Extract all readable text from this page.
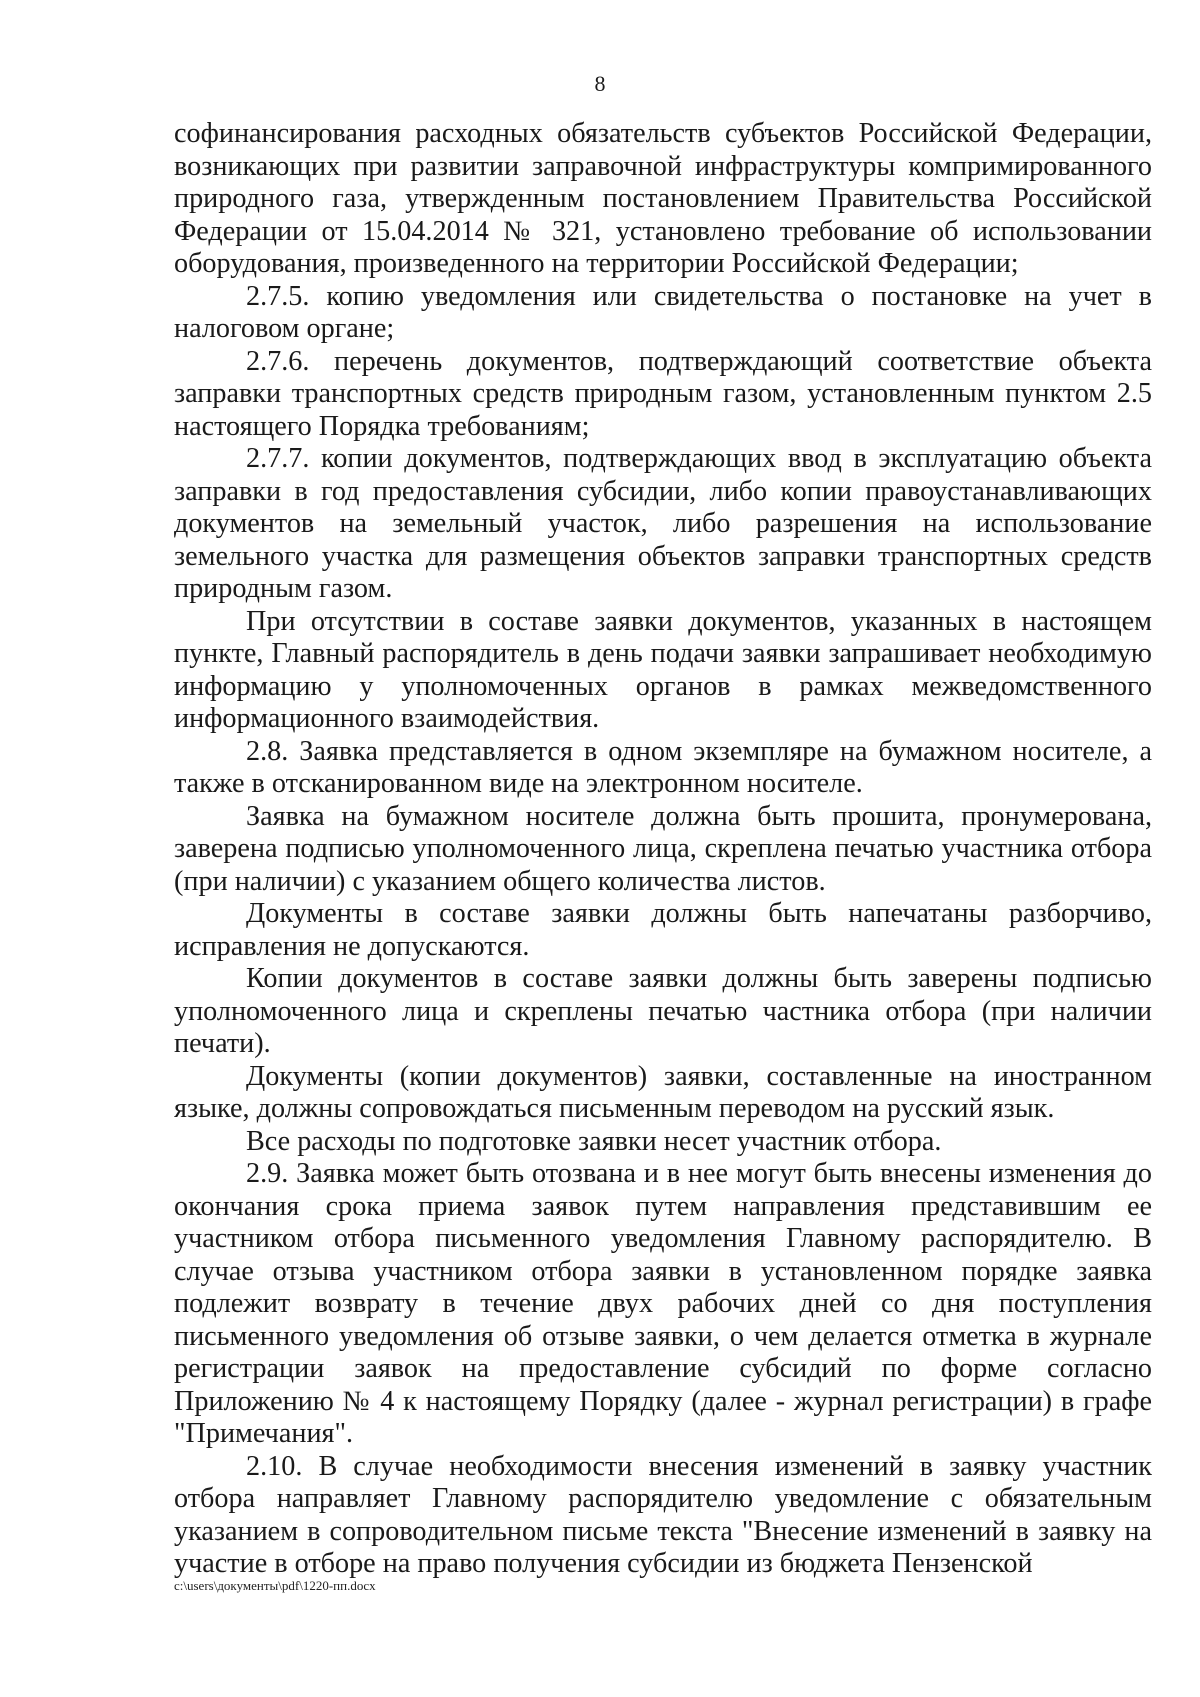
8

софинансирования расходных обязательств субъектов Российской Федерации, возникающих при развитии заправочной инфраструктуры компримированного природного газа, утвержденным постановлением Правительства Российской Федерации от 15.04.2014 № 321, установлено требование об использовании оборудования, произведенного на территории Российской Федерации;

2.7.5. копию уведомления или свидетельства о постановке на учет в налоговом органе;

2.7.6. перечень документов, подтверждающий соответствие объекта заправки транспортных средств природным газом, установленным пунктом 2.5 настоящего Порядка требованиям;

2.7.7. копии документов, подтверждающих ввод в эксплуатацию объекта заправки в год предоставления субсидии, либо копии правоустанавливающих документов на земельный участок, либо разрешения на использование земельного участка для размещения объектов заправки транспортных средств природным газом.

При отсутствии в составе заявки документов, указанных в настоящем пункте, Главный распорядитель в день подачи заявки запрашивает необходимую информацию у уполномоченных органов в рамках межведомственного информационного взаимодействия.

2.8. Заявка представляется в одном экземпляре на бумажном носителе, а также в отсканированном виде на электронном носителе.

Заявка на бумажном носителе должна быть прошита, пронумерована, заверена подписью уполномоченного лица, скреплена печатью участника отбора (при наличии) с указанием общего количества листов.

Документы в составе заявки должны быть напечатаны разборчиво, исправления не допускаются.

Копии документов в составе заявки должны быть заверены подписью уполномоченного лица и скреплены печатью частника отбора (при наличии печати).

Документы (копии документов) заявки, составленные на иностранном языке, должны сопровождаться письменным переводом на русский язык.

Все расходы по подготовке заявки несет участник отбора.

2.9. Заявка может быть отозвана и в нее могут быть внесены изменения до окончания срока приема заявок путем направления представившим ее участником отбора письменного уведомления Главному распорядителю. В случае отзыва участником отбора заявки в установленном порядке заявка подлежит возврату в течение двух рабочих дней со дня поступления письменного уведомления об отзыве заявки, о чем делается отметка в журнале регистрации заявок на предоставление субсидий по форме согласно Приложению № 4 к настоящему Порядку (далее - журнал регистрации) в графе "Примечания".

2.10. В случае необходимости внесения изменений в заявку участник отбора направляет Главному распорядителю уведомление с обязательным указанием в сопроводительном письме текста "Внесение изменений в заявку на участие в отборе на право получения субсидии из бюджета Пензенской

c:\users\документы\pdf\1220-пп.docx
